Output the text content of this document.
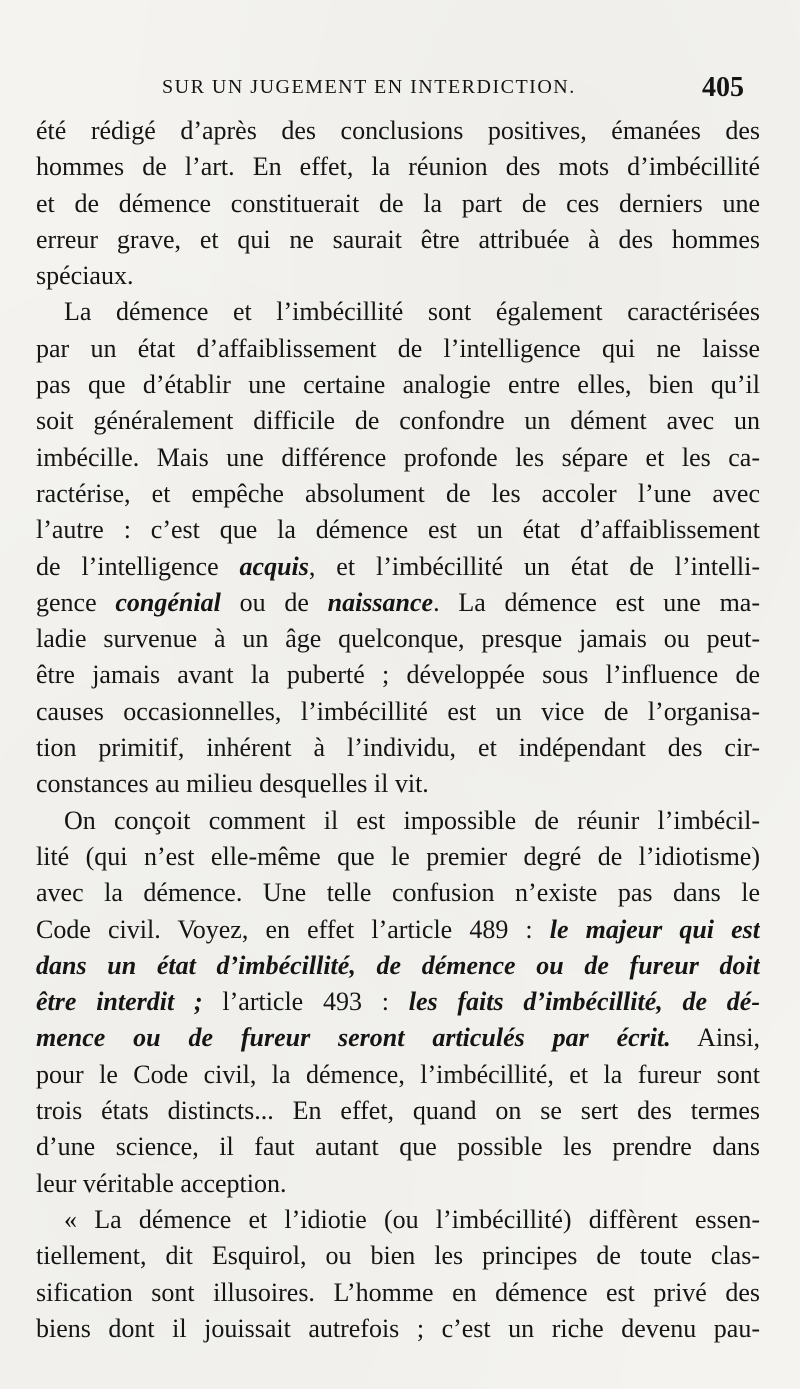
SUR UN JUGEMENT EN INTERDICTION.	405
été rédigé d’après des conclusions positives, émanées des
hommes de l’art. En effet, la réunion des mots d’imbécillité
et de démence constituerait de la part de ces derniers une
erreur grave, et qui ne saurait être attribuée à des hommes
spéciaux.
La démence et l’imbécillité sont également caractérisées
par un état d’affaiblissement de l’intelligence qui ne laisse
pas que d’établir une certaine analogie entre elles, bien qu’il
soit généralement difficile de confondre un dément avec un
imbécille. Mais une différence profonde les sépare et les ca-
ractérise, et empêche absolument de les accoler l’une avec
l’autre : c’est que la démence est un état d’affaiblissement
de l’intelligence acquis, et l’imbécillité un état de l’intelli-
gence congénial ou de naissance. La démence est une ma-
ladie survenue à un âge quelconque, presque jamais ou peut-
être jamais avant la puberté ; développée sous l’influence de
causes occasionnelles, l’imbécillité est un vice de l’organisa-
tion primitif, inhérent à l’individu, et indépendant des cir-
constances au milieu desquelles il vit.
On conçoit comment il est impossible de réunir l’imbécil-
lité (qui n’est elle-même que le premier degré de l’idiotisme)
avec la démence. Une telle confusion n’existe pas dans le
Code civil. Voyez, en effet l’article 489 : le majeur qui est
dans un état d’imbécillité, de démence ou de fureur doit
être interdit ; l’article 493 : les faits d’imbécillité, de dé-
mence ou de fureur seront articulés par écrit. Ainsi,
pour le Code civil, la démence, l’imbécillité, et la fureur sont
trois états distincts... En effet, quand on se sert des termes
d’une science, il faut autant que possible les prendre dans
leur véritable acception.
« La démence et l’idiotie (ou l’imbécillité) diffèrent essen-
tiellement, dit Esquirol, ou bien les principes de toute clas-
sification sont illusoires. L’homme en démence est privé des
biens dont il jouissait autrefois ; c’est un riche devenu pau-
